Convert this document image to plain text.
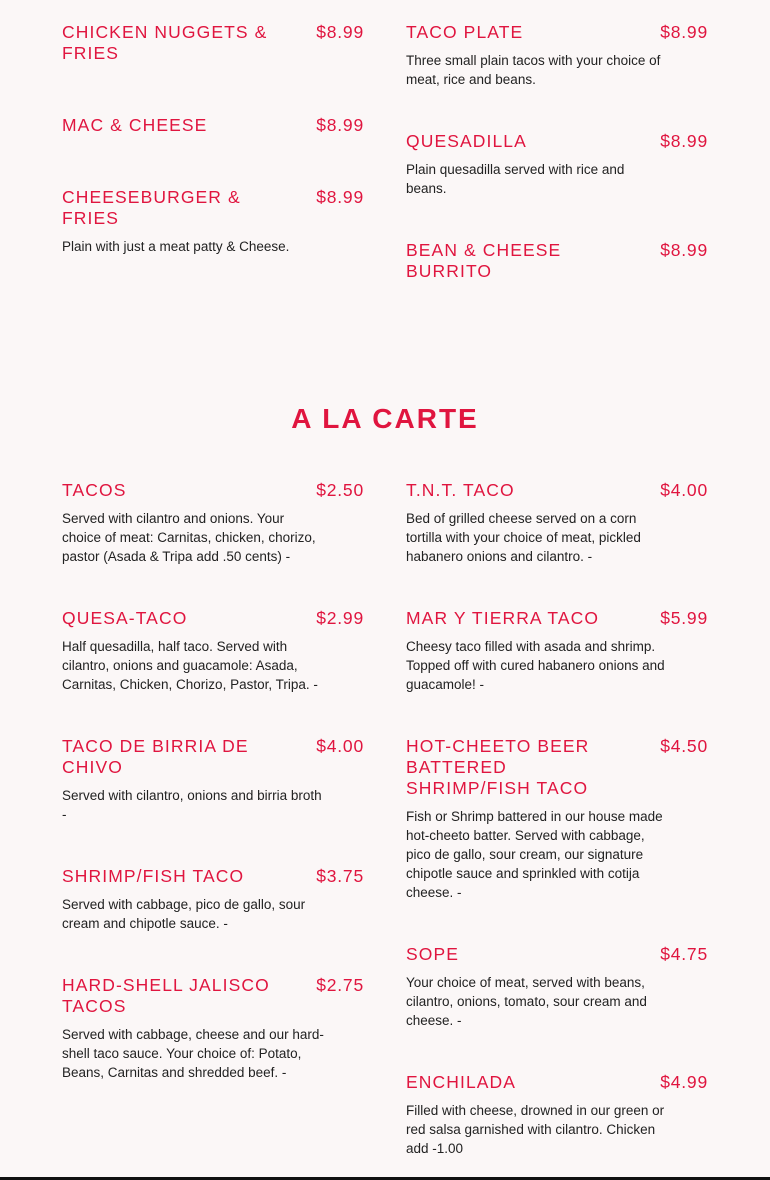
CHICKEN NUGGETS & FRIES
$8.99
MAC & CHEESE	$8.99
CHEESEBURGER & FRIES
$8.99
Plain with just a meat patty & Cheese.
TACO PLATE	$8.99
Three small plain tacos with your choice of meat, rice and beans.
QUESADILLA	$8.99
Plain quesadilla served with rice and beans.
BEAN & CHEESE BURRITO
$8.99
A LA CARTE
TACOS	$2.50
Served with cilantro and onions. Your choice of meat: Carnitas, chicken, chorizo, pastor (Asada & Tripa add .50 cents) -
QUESA-TACO	$2.99
Half quesadilla, half taco. Served with cilantro, onions and guacamole: Asada, Carnitas, Chicken, Chorizo, Pastor, Tripa. -
TACO DE BIRRIA DE CHIVO
$4.00
Served with cilantro, onions and birria broth -
SHRIMP/FISH TACO	$3.75
Served with cabbage, pico de gallo, sour cream and chipotle sauce. -
HARD-SHELL JALISCO TACOS
$2.75
Served with cabbage, cheese and our hard-shell taco sauce. Your choice of: Potato, Beans, Carnitas and shredded beef. -
T.N.T. TACO	$4.00
Bed of grilled cheese served on a corn tortilla with your choice of meat, pickled habanero onions and cilantro. -
MAR Y TIERRA TACO	$5.99
Cheesy taco filled with asada and shrimp. Topped off with cured habanero onions and guacamole! -
HOT-CHEETO BEER BATTERED SHRIMP/FISH TACO
$4.50
Fish or Shrimp battered in our house made hot-cheeto batter. Served with cabbage, pico de gallo, sour cream, our signature chipotle sauce and sprinkled with cotija cheese. -
SOPE	$4.75
Your choice of meat, served with beans, cilantro, onions, tomato, sour cream and cheese. -
ENCHILADA	$4.99
Filled with cheese, drowned in our green or red salsa garnished with cilantro. Chicken add -1.00
